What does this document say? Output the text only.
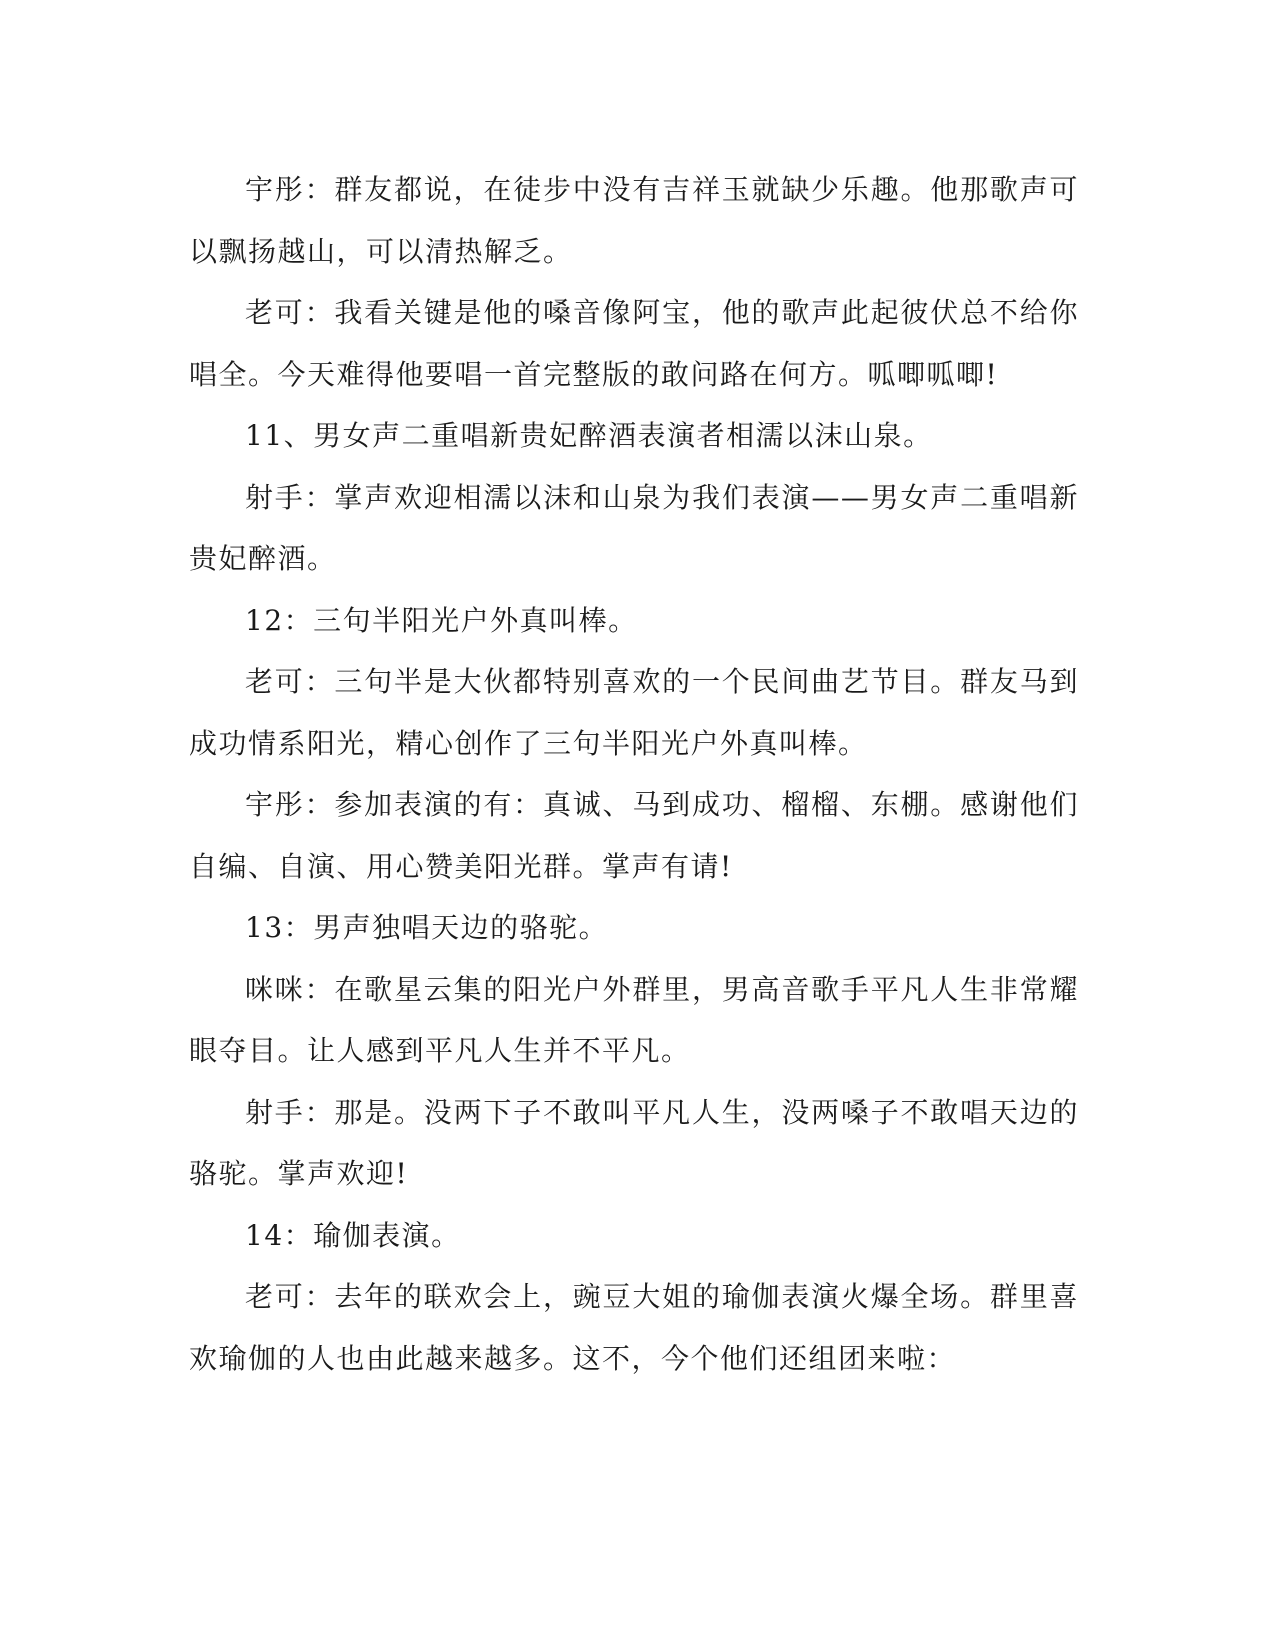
宇彤：群友都说，在徒步中没有吉祥玉就缺少乐趣。他那歌声可以飘扬越山，可以清热解乏。

老可：我看关键是他的嗓音像阿宝，他的歌声此起彼伏总不给你唱全。今天难得他要唱一首完整版的敢问路在何方。呱唧呱唧!

11、男女声二重唱新贵妃醉酒表演者相濡以沫山泉。

射手：掌声欢迎相濡以沫和山泉为我们表演——男女声二重唱新贵妃醉酒。

12：三句半阳光户外真叫棒。

老可：三句半是大伙都特别喜欢的一个民间曲艺节目。群友马到成功情系阳光，精心创作了三句半阳光户外真叫棒。

宇彤：参加表演的有：真诚、马到成功、榴榴、东棚。感谢他们自编、自演、用心赞美阳光群。掌声有请!

13：男声独唱天边的骆驼。

咪咪：在歌星云集的阳光户外群里，男高音歌手平凡人生非常耀眼夺目。让人感到平凡人生并不平凡。

射手：那是。没两下子不敢叫平凡人生，没两嗓子不敢唱天边的骆驼。掌声欢迎!

14：瑜伽表演。

老可：去年的联欢会上，豌豆大姐的瑜伽表演火爆全场。群里喜欢瑜伽的人也由此越来越多。这不，今个他们还组团来啦：
